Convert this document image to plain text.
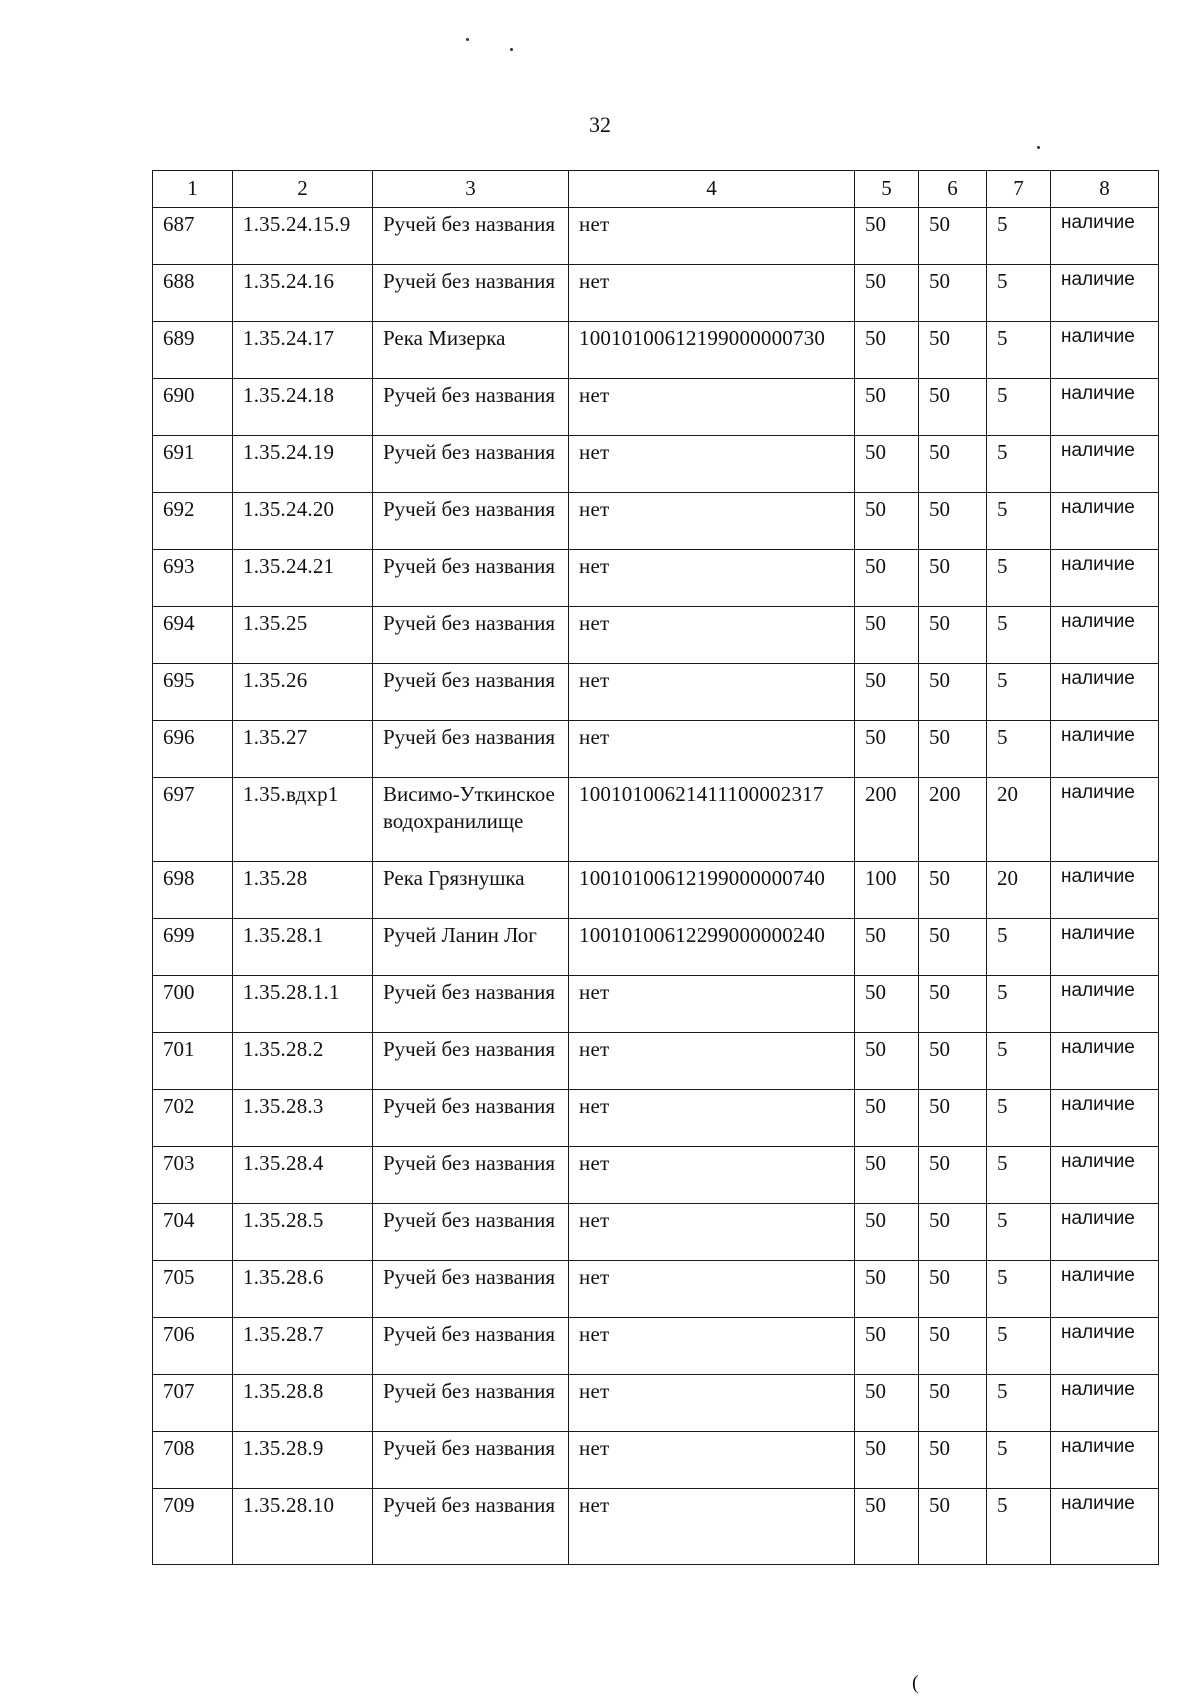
32
1	2	3	4	5	6	7	8
687	1.35.24.15.9	Ручей без названия	нет	50	50	5	наличие
688	1.35.24.16	Ручей без названия	нет	50	50	5	наличие
689	1.35.24.17	Река Мизерка	10010100612199000000730	50	50	5	наличие
690	1.35.24.18	Ручей без названия	нет	50	50	5	наличие
691	1.35.24.19	Ручей без названия	нет	50	50	5	наличие
692	1.35.24.20	Ручей без названия	нет	50	50	5	наличие
693	1.35.24.21	Ручей без названия	нет	50	50	5	наличие
694	1.35.25	Ручей без названия	нет	50	50	5	наличие
695	1.35.26	Ручей без названия	нет	50	50	5	наличие
696	1.35.27	Ручей без названия	нет	50	50	5	наличие
697	1.35.вдхр1	Висимо-Уткинское водохранилище	10010100621411100002317	200	200	20	наличие
698	1.35.28	Река Грязнушка	10010100612199000000740	100	50	20	наличие
699	1.35.28.1	Ручей Ланин Лог	10010100612299000000240	50	50	5	наличие
700	1.35.28.1.1	Ручей без названия	нет	50	50	5	наличие
701	1.35.28.2	Ручей без названия	нет	50	50	5	наличие
702	1.35.28.3	Ручей без названия	нет	50	50	5	наличие
703	1.35.28.4	Ручей без названия	нет	50	50	5	наличие
704	1.35.28.5	Ручей без названия	нет	50	50	5	наличие
705	1.35.28.6	Ручей без названия	нет	50	50	5	наличие
706	1.35.28.7	Ручей без названия	нет	50	50	5	наличие
707	1.35.28.8	Ручей без названия	нет	50	50	5	наличие
708	1.35.28.9	Ручей без названия	нет	50	50	5	наличие
709	1.35.28.10	Ручей без названия	нет	50	50	5	наличие
(
